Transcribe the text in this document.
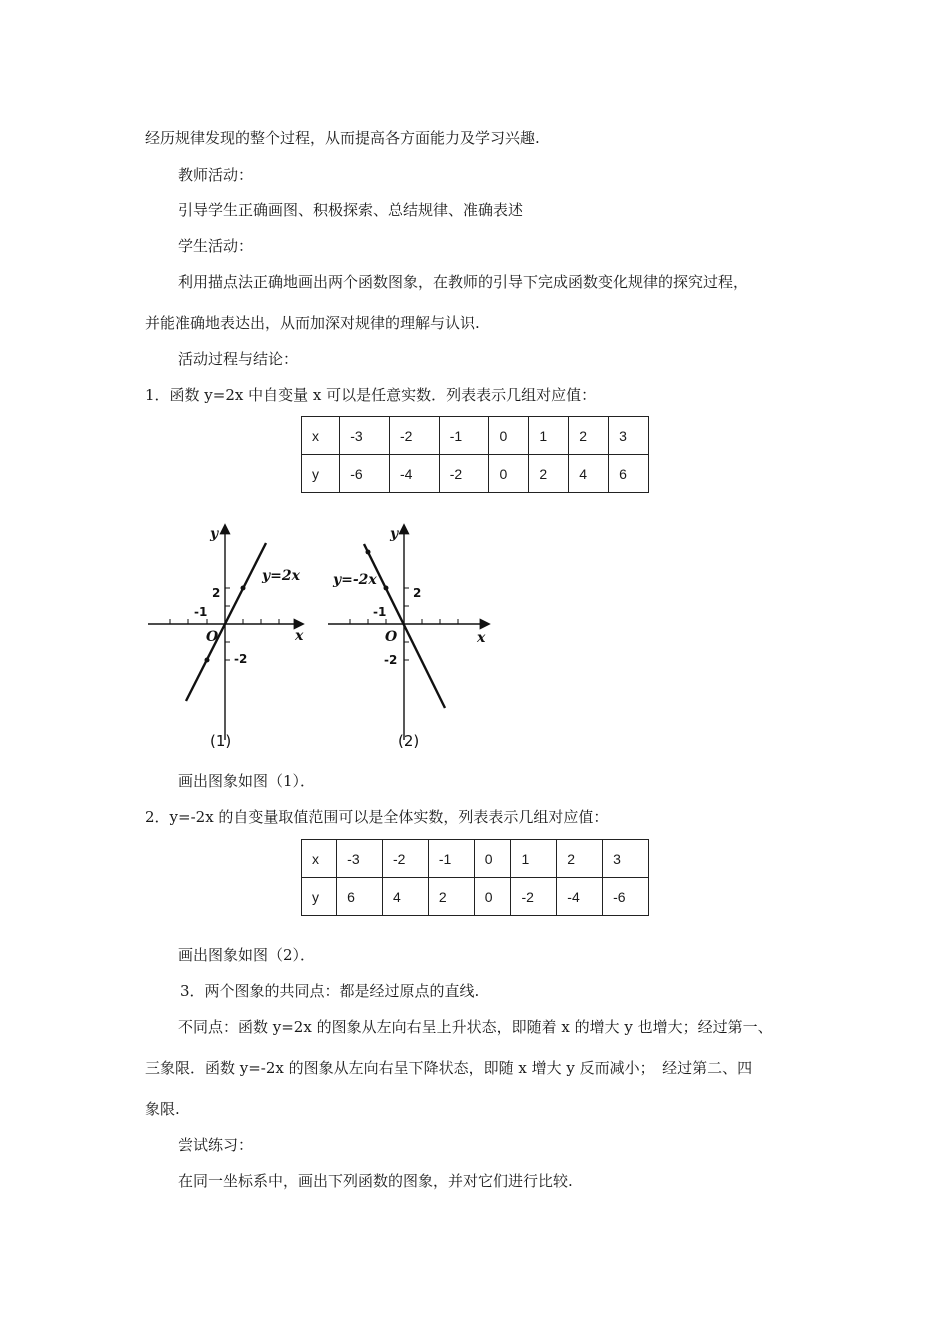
经历规律发现的整个过程，从而提高各方面能力及学习兴趣.
教师活动：
引导学生正确画图、积极探索、总结规律、准确表述
学生活动：
利用描点法正确地画出两个函数图象，在教师的引导下完成函数变化规律的探究过程，
并能准确地表达出，从而加深对规律的理解与认识.
活动过程与结论：
1．函数 y=2x 中自变量 x 可以是任意实数．列表表示几组对应值：
x	-3	-2	-1	0	1	2	3
y	-6	-4	-2	0	2	4	6
y
x
y=2x
O
2
-1
-2
(1)
y
x
y=-2x
O
2
-1
-2
(2)
画出图象如图（1）．
2．y=-2x 的自变量取值范围可以是全体实数，列表表示几组对应值：
x	-3	-2	-1	0	1	2	3
y	6	4	2	0	-2	-4	-6
画出图象如图（2）．
3．两个图象的共同点：都是经过原点的直线.
不同点：函数 y=2x 的图象从左向右呈上升状态，即随着 x 的增大 y 也增大；经过第一、
三象限．函数 y=-2x 的图象从左向右呈下降状态，即随 x 增大 y 反而减小；　经过第二、四
象限.
尝试练习：
在同一坐标系中，画出下列函数的图象，并对它们进行比较.
